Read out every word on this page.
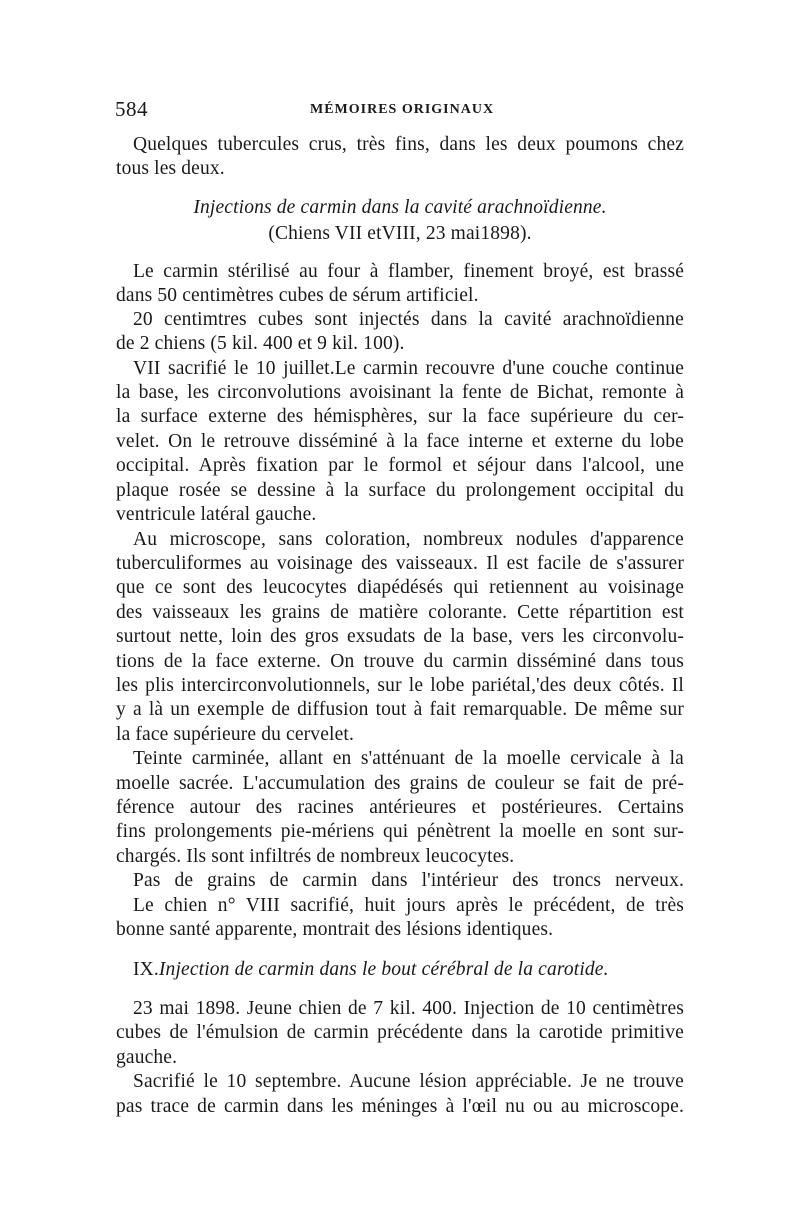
584	MÉMOIRES ORIGINAUX
Quelques tubercules crus, très fins, dans les deux poumons chez
tous les deux.
Injections de carmin dans la cavité arachnoïdienne.
(Chiens VII etVIII, 23 mai1898).
Le carmin stérilisé au four à flamber, finement broyé, est brassé
dans 50 centimètres cubes de sérum artificiel.
20 centimtres cubes sont injectés dans la cavité arachnoïdienne
de 2 chiens (5 kil. 400 et 9 kil. 100).
VII sacrifié le 10 juillet.Le carmin recouvre d'une couche continue
la base, les circonvolutions avoisinant la fente de Bichat, remonte à
la surface externe des hémisphères, sur la face supérieure du cer-
velet. On le retrouve disséminé à la face interne et externe du lobe
occipital. Après fixation par le formol et séjour dans l'alcool, une
plaque rosée se dessine à la surface du prolongement occipital du
ventricule latéral gauche.
Au microscope, sans coloration, nombreux nodules d'apparence
tuberculiformes au voisinage des vaisseaux. Il est facile de s'assurer
que ce sont des leucocytes diapédésés qui retiennent au voisinage
des vaisseaux les grains de matière colorante. Cette répartition est
surtout nette, loin des gros exsudats de la base, vers les circonvolu-
tions de la face externe. On trouve du carmin disséminé dans tous
les plis intercirconvolutionnels, sur le lobe pariétal,'des deux côtés. Il
y a là un exemple de diffusion tout à fait remarquable. De même sur
la face supérieure du cervelet.
Teinte carminée, allant en s'atténuant de la moelle cervicale à la
moelle sacrée. L'accumulation des grains de couleur se fait de pré-
férence autour des racines antérieures et postérieures. Certains
fins prolongements pie-mériens qui pénètrent la moelle en sont sur-
chargés. Ils sont infiltrés de nombreux leucocytes.
Pas de grains de carmin dans l'intérieur des troncs nerveux.
Le chien n° VIII sacrifié, huit jours après le précédent, de très
bonne santé apparente, montrait des lésions identiques.
IX.Injection de carmin dans le bout cérébral de la carotide.
23 mai 1898. Jeune chien de 7 kil. 400. Injection de 10 centimètres
cubes de l'émulsion de carmin précédente dans la carotide primitive
gauche.
Sacrifié le 10 septembre. Aucune lésion appréciable. Je ne trouve
pas trace de carmin dans les méninges à l'œil nu ou au microscope.
